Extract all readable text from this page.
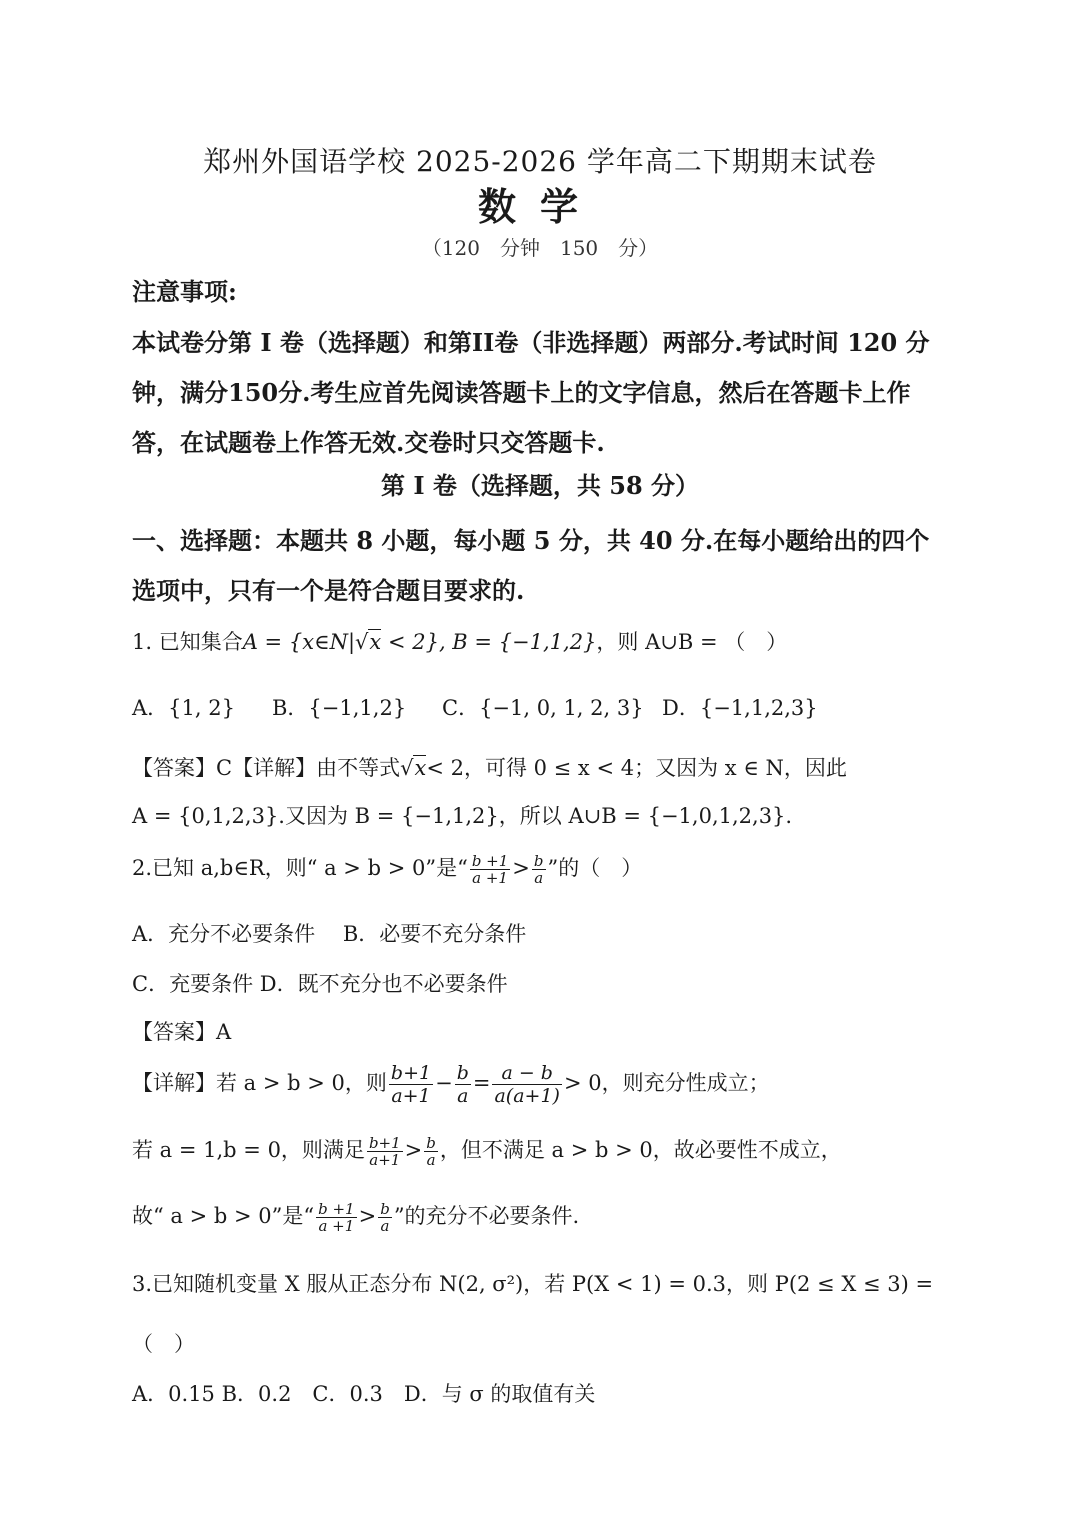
郑州外国语学校 2025-2026 学年高二下期期末试卷
数学
（120　分钟　150　分）
注意事项:
本试卷分第 I 卷（选择题）和第II卷（非选择题）两部分.考试时间 120 分钟，满分150分.考生应首先阅读答题卡上的文字信息，然后在答题卡上作答，在试题卷上作答无效.交卷时只交答题卡.
第 I 卷（选择题，共 58 分）
一、选择题：本题共 8 小题，每小题 5 分，共 40 分.在每小题给出的四个选项中，只有一个是符合题目要求的.
1. 已知集合A = {x∈N|√x < 2}, B = {−1,1,2}，则 A∪B = （　）
A．{1, 2} B．{−1,1,2} C．{−1, 0, 1, 2, 3} D．{−1,1,2,3}
【答案】C【详解】由不等式√x< 2，可得 0 ≤ x < 4；又因为 x ∈ N，因此
A = {0,1,2,3}.又因为 B = {−1,1,2}，所以 A∪B = {−1,0,1,2,3}.
2.已知 a,b∈R，则“ a > b > 0”是“ $\frac{b +1}{a +1} > \frac{b}{a}$ ”的（　）
A．充分不必要条件　 B．必要不充分条件
C．充要条件 D．既不充分也不必要条件
【答案】A
【详解】若 a > b > 0，则 $\frac{b+1}{a+1} - \frac{b}{a} = \frac{a - b}{a(a+1)} > 0$，则充分性成立；
若 a = 1,b = 0，则满足 $\frac{b+1}{a+1} > \frac{b}{a}$ ，但不满足 a > b > 0，故必要性不成立，
故“ a > b > 0”是“ $\frac{b +1}{a +1} > \frac{b}{a}$ ”的充分不必要条件.
3.已知随机变量 X 服从正态分布 N(2, σ²)，若 P(X < 1) = 0.3，则 P(2 ≤ X ≤ 3) =
（　）
A．0.15 B．0.2　C．0.3　D．与 σ 的取值有关
